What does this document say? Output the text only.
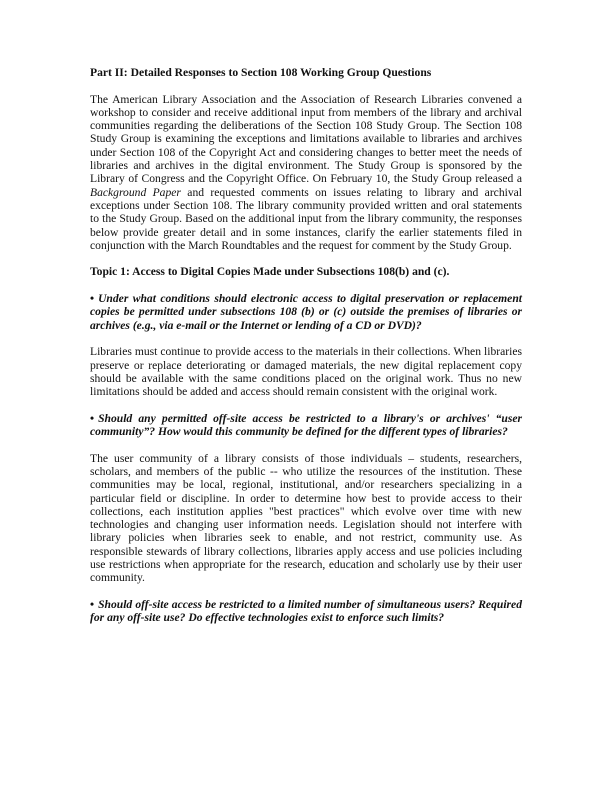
Part II: Detailed Responses to Section 108 Working Group Questions

The American Library Association and the Association of Research Libraries convened a workshop to consider and receive additional input from members of the library and archival communities regarding the deliberations of the Section 108 Study Group. The Section 108 Study Group is examining the exceptions and limitations available to libraries and archives under Section 108 of the Copyright Act and considering changes to better meet the needs of libraries and archives in the digital environment. The Study Group is sponsored by the Library of Congress and the Copyright Office. On February 10, the Study Group released a Background Paper and requested comments on issues relating to library and archival exceptions under Section 108. The library community provided written and oral statements to the Study Group. Based on the additional input from the library community, the responses below provide greater detail and in some instances, clarify the earlier statements filed in conjunction with the March Roundtables and the request for comment by the Study Group.

Topic 1: Access to Digital Copies Made under Subsections 108(b) and (c).

• Under what conditions should electronic access to digital preservation or replacement copies be permitted under subsections 108 (b) or (c) outside the premises of libraries or archives (e.g., via e-mail or the Internet or lending of a CD or DVD)?

Libraries must continue to provide access to the materials in their collections. When libraries preserve or replace deteriorating or damaged materials, the new digital replacement copy should be available with the same conditions placed on the original work. Thus no new limitations should be added and access should remain consistent with the original work.

• Should any permitted off-site access be restricted to a library's or archives' “user community”? How would this community be defined for the different types of libraries?

The user community of a library consists of those individuals – students, researchers, scholars, and members of the public -- who utilize the resources of the institution. These communities may be local, regional, institutional, and/or researchers specializing in a particular field or discipline. In order to determine how best to provide access to their collections, each institution applies "best practices" which evolve over time with new technologies and changing user information needs. Legislation should not interfere with library policies when libraries seek to enable, and not restrict, community use. As responsible stewards of library collections, libraries apply access and use policies including use restrictions when appropriate for the research, education and scholarly use by their user community.

• Should off-site access be restricted to a limited number of simultaneous users? Required for any off-site use? Do effective technologies exist to enforce such limits?
